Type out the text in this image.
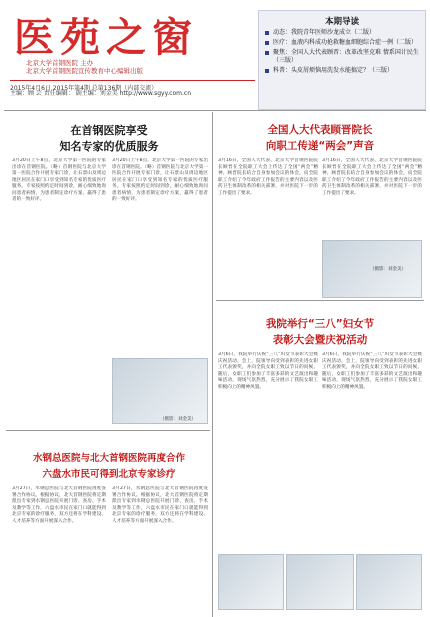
医苑之窗
北京大学首钢医院 主办
北京大学首钢医院宣传教育中心编辑出版
2015年4月6日 2015年第4期 总第136期（内部交流）
主编：顾 芸 责任编辑： 副主编：刘金美 http://www.sgyy.com.cn
本期导读
动态：我院青年医师沙龙成立（二版）
医疗：血液内科成功抢救糖血细胞综合症一例（二版）
聚焦：全国人大代表顾晋：改革改坚克难 情系国计民生（三版）
科普：头皮屑烦恼用洗发水能搞定？（三版）
在首钢医院享受
知名专家的优质服务
3月20日上午8点，北京大学第一医院的专家出诊在首钢医院。（略）首钢医院与北京大学第一医院合作开展专家门诊，让石景山及周边地区居民在家门口享受到知名专家的优质医疗服务。专家按照约定时间到诊，耐心细致地询问患者病情，为患者制定诊疗方案，赢得了患者的一致好评。
3月20日上午8点，北京大学第一医院的专家出诊在首钢医院。（略）首钢医院与北京大学第一医院合作开展专家门诊，让石景山及周边地区居民在家门口享受到知名专家的优质医疗服务。专家按照约定时间到诊，耐心细致地询问患者病情，为患者制定诊疗方案，赢得了患者的一致好评。
（摄影：刘金美）
水钢总医院与北大首钢医院再度合作
六盘水市民可得到北京专家诊疗
3月27日，水钢总医院与北大首钢医院再度签署合作协议。根据协议，北大首钢医院将定期派出专家到水钢总医院开展门诊、查房、手术及教学等工作，六盘水市民在家门口就能得到北京专家的诊疗服务，双方还将在学科建设、人才培养等方面开展深入合作。
3月27日，水钢总医院与北大首钢医院再度签署合作协议。根据协议，北大首钢医院将定期派出专家到水钢总医院开展门诊、查房、手术及教学等工作，六盘水市民在家门口就能得到北京专家的诊疗服务，双方还将在学科建设、人才培养等方面开展深入合作。
全国人大代表顾晋院长
向职工传递“两会”声音
3月16日，全国人大代表、北京大学首钢医院院长顾晋在全院职工大会上传达了全国“两会”精神。顾晋院长结合自身参加会议的体会，向全院职工介绍了今年政府工作报告的主要内容以及医药卫生体制改革的相关部署，并对医院下一步的工作提出了要求。
3月16日，全国人大代表、北京大学首钢医院院长顾晋在全院职工大会上传达了全国“两会”精神。顾晋院长结合自身参加会议的体会，向全院职工介绍了今年政府工作报告的主要内容以及医药卫生体制改革的相关部署，并对医院下一步的工作提出了要求。
（摄影：刘金美）
我院举行“三八”妇女节
表彰大会暨庆祝活动
3月6日，我院举行庆祝“三八”妇女节表彰大会暨庆祝活动。会上，院领导向受到表彰的先进女职工代表颁奖，并向全院女职工致以节日的问候。随后，女职工们参加了丰富多彩的文艺演出和趣味活动，现场气氛热烈，充分展示了我院女职工积极向上的精神风貌。
3月6日，我院举行庆祝“三八”妇女节表彰大会暨庆祝活动。会上，院领导向受到表彰的先进女职工代表颁奖，并向全院女职工致以节日的问候。随后，女职工们参加了丰富多彩的文艺演出和趣味活动，现场气氛热烈，充分展示了我院女职工积极向上的精神风貌。
